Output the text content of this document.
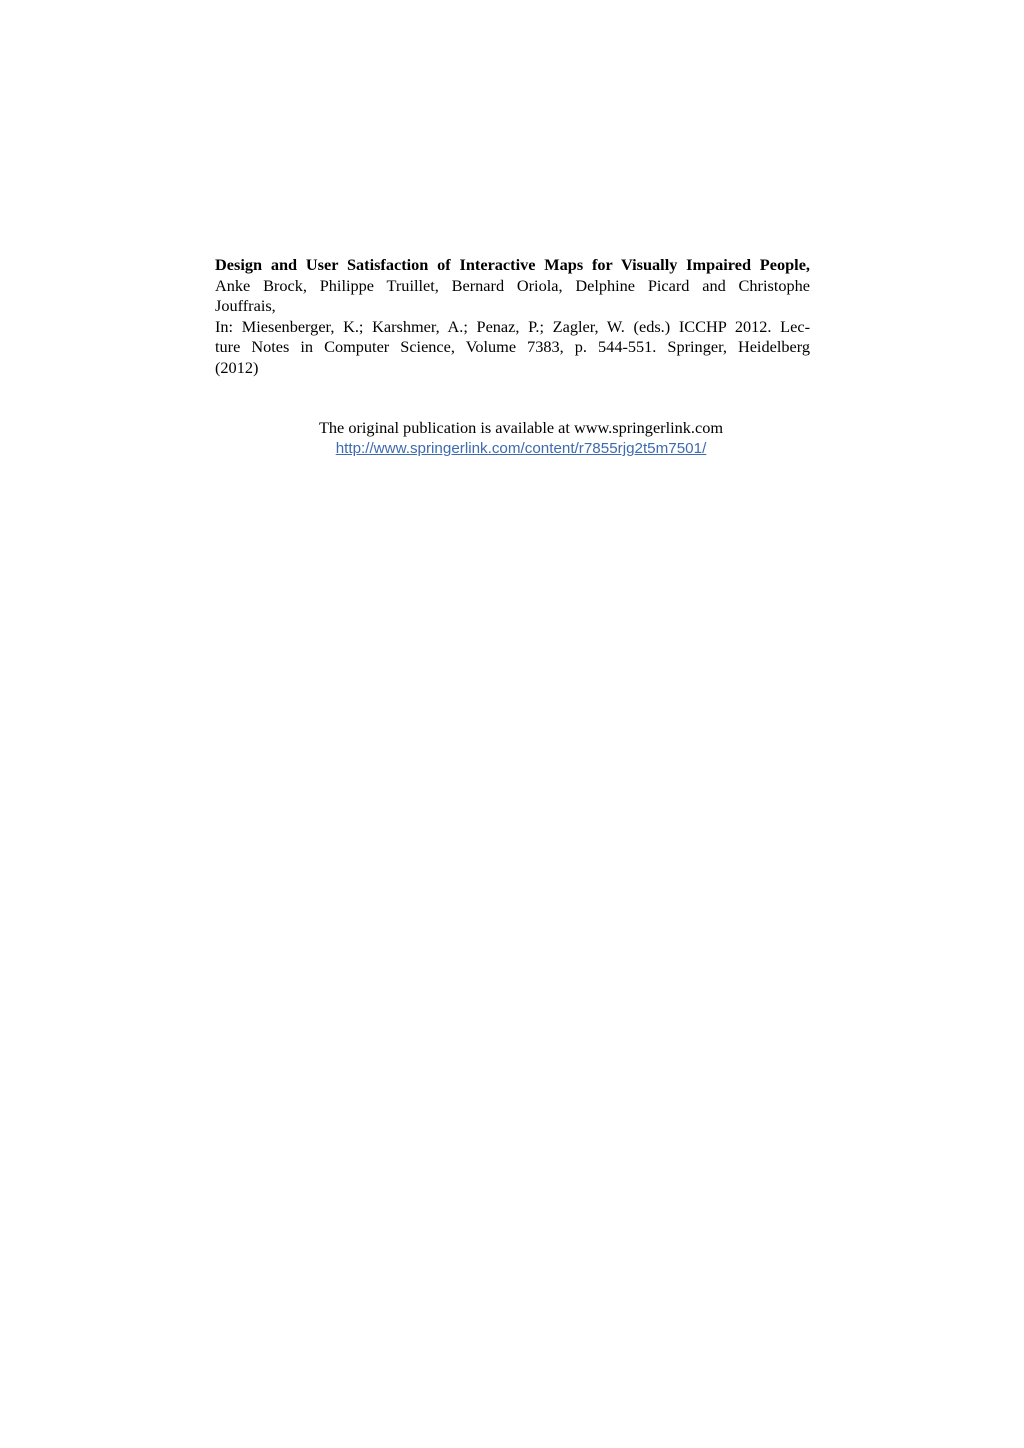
Design and User Satisfaction of Interactive Maps for Visually Impaired People,
Anke Brock, Philippe Truillet, Bernard Oriola, Delphine Picard and Christophe
Jouffrais,
In: Miesenberger, K.; Karshmer, A.; Penaz, P.; Zagler, W. (eds.) ICCHP 2012. Lec-
ture Notes in Computer Science, Volume 7383, p. 544-551. Springer, Heidelberg
(2012)
The original publication is available at www.springerlink.com
http://www.springerlink.com/content/r7855rjg2t5m7501/
